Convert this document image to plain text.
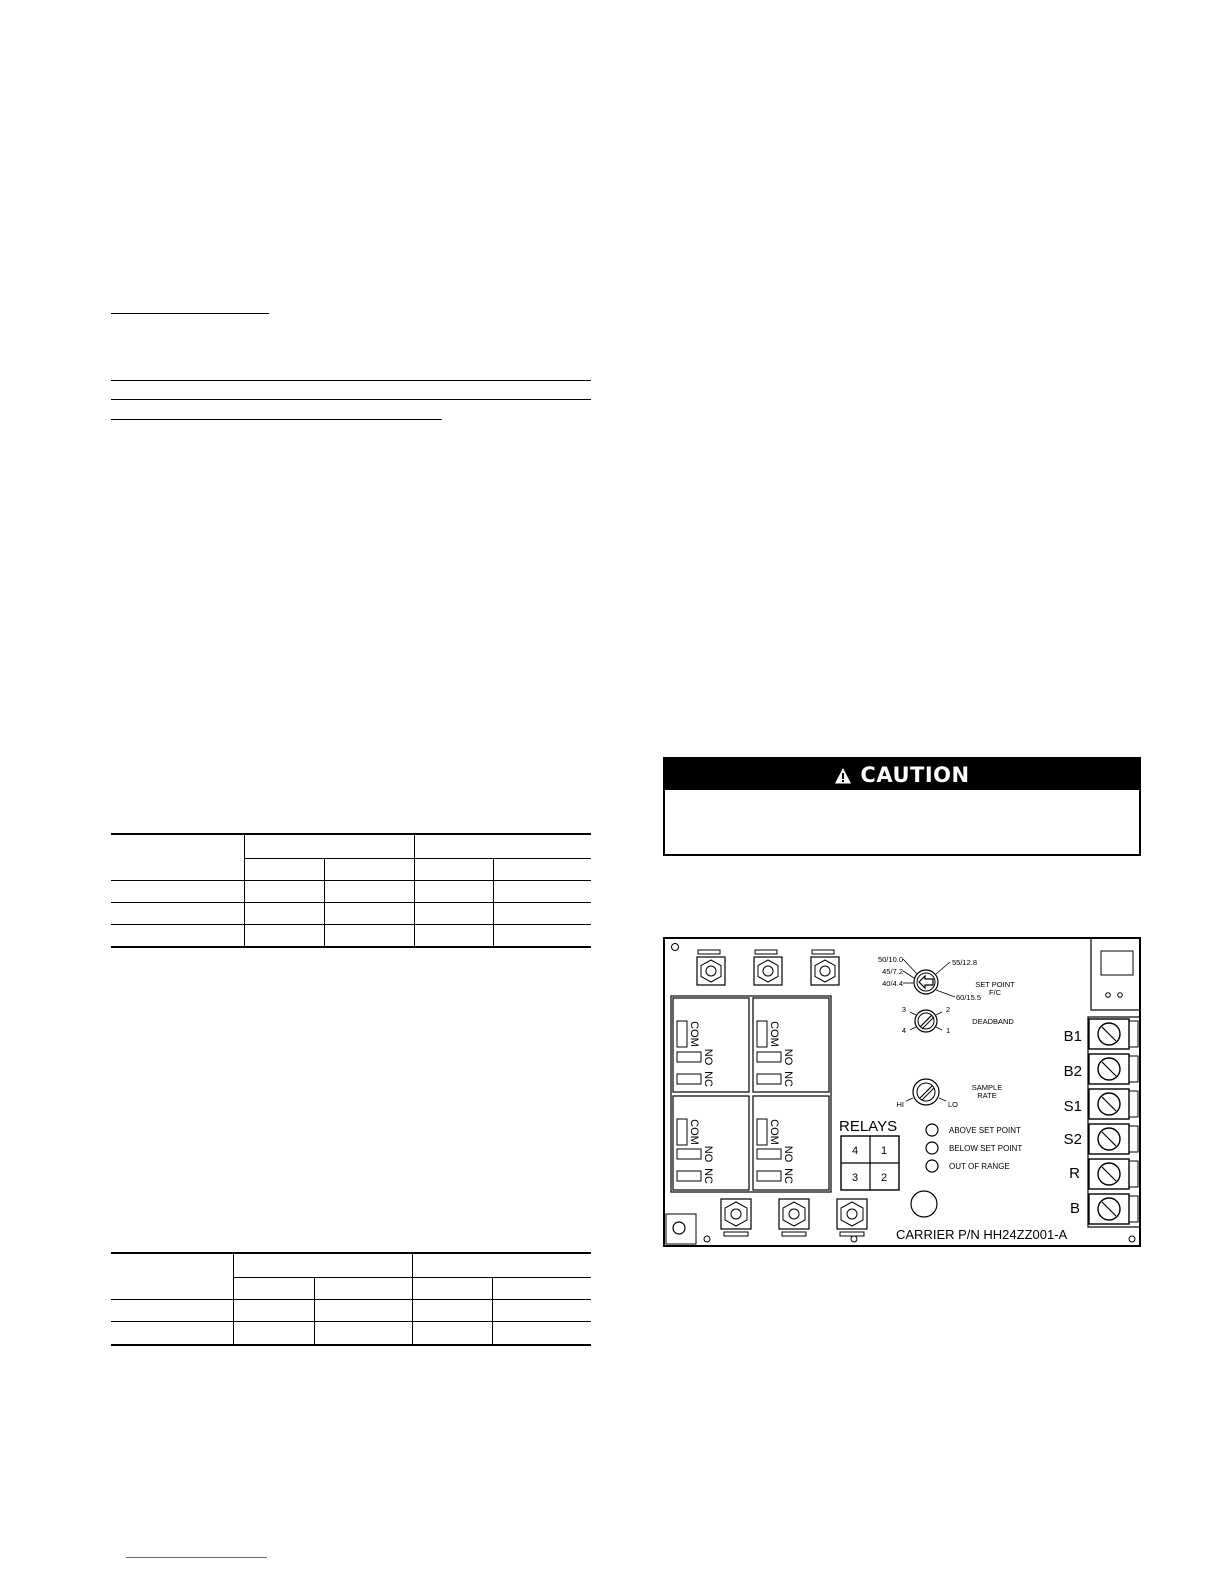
CAUTION
COM
NO
NC
COM
NO
NC
COM
NO
NC
COM
NO
NC
50/10.0
45/7.2
40/4.4
55/12.8
60/15.5
SET POINT
F/C
3	2
4	1
DEADBAND
HI	LO
SAMPLE
RATE
RELAYS
4 1
3 2
ABOVE SET POINT
BELOW SET POINT
OUT OF RANGE
CARRIER P/N HH24ZZ001-A
B1
B2
S1
S2
R
B
